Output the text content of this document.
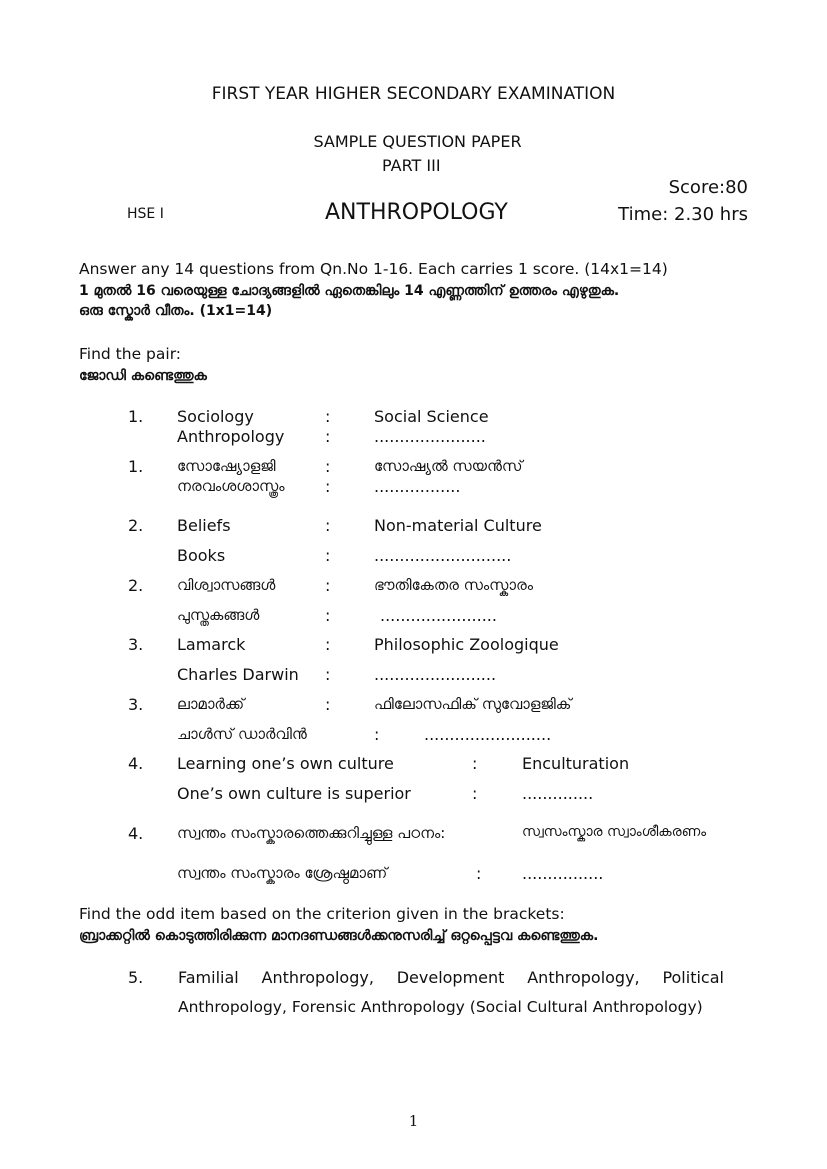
FIRST YEAR HIGHER SECONDARY EXAMINATION
SAMPLE QUESTION PAPER
PART III
Score:80
HSE I	ANTHROPOLOGY	Time: 2.30 hrs
Answer any 14 questions from Qn.No 1-16. Each carries 1 score. (14x1=14)
1 മുതൽ 16 വരെയുള്ള ചോദ്യങ്ങളിൽ ഏതെങ്കിലും 14 എണ്ണത്തിന് ഉത്തരം എഴുതുക.
ഒരു സ്കോർ വീതം. (1x1=14)
Find the pair:
ജോഡി കണ്ടെത്തുക
1. Sociology	:	Social Science
Anthropology	:	......................
1. സോഷ്യോളജി	:	സോഷ്യൽ സയൻസ്
നരവംശശാസ്ത്രം	:	.................
2. Beliefs	:	Non-material Culture
Books	:	...........................
2. വിശ്വാസങ്ങൾ	:	ഭൗതികേതര സംസ്കാരം
പുസ്തകങ്ങൾ	:	.......................
3. Lamarck	:	Philosophic Zoologique
Charles Darwin :	........................
3. ലാമാർക്ക്	:	ഫിലോസഫിക് സുവോളജിക്
ചാൾസ് ഡാർവിൻ	:	.........................
4. Learning one’s own culture	:	Enculturation
One’s own culture is superior	:	..............
4. സ്വന്തം സംസ്കാരത്തെക്കുറിച്ചുള്ള പഠനം:	സ്വസംസ്കാര സ്വാംശീകരണം
സ്വന്തം സംസ്കാരം ശ്രേഷ്ഠമാണ്	:	................
Find the odd item based on the criterion given in the brackets:
ബ്രാക്കറ്റിൽ കൊടുത്തിരിക്കുന്ന മാനദണ്ഡങ്ങൾക്കനുസരിച്ച് ഒറ്റപ്പെട്ടവ കണ്ടെത്തുക.
5. Familial Anthropology, Development Anthropology, Political
Anthropology, Forensic Anthropology (Social Cultural Anthropology)
1
